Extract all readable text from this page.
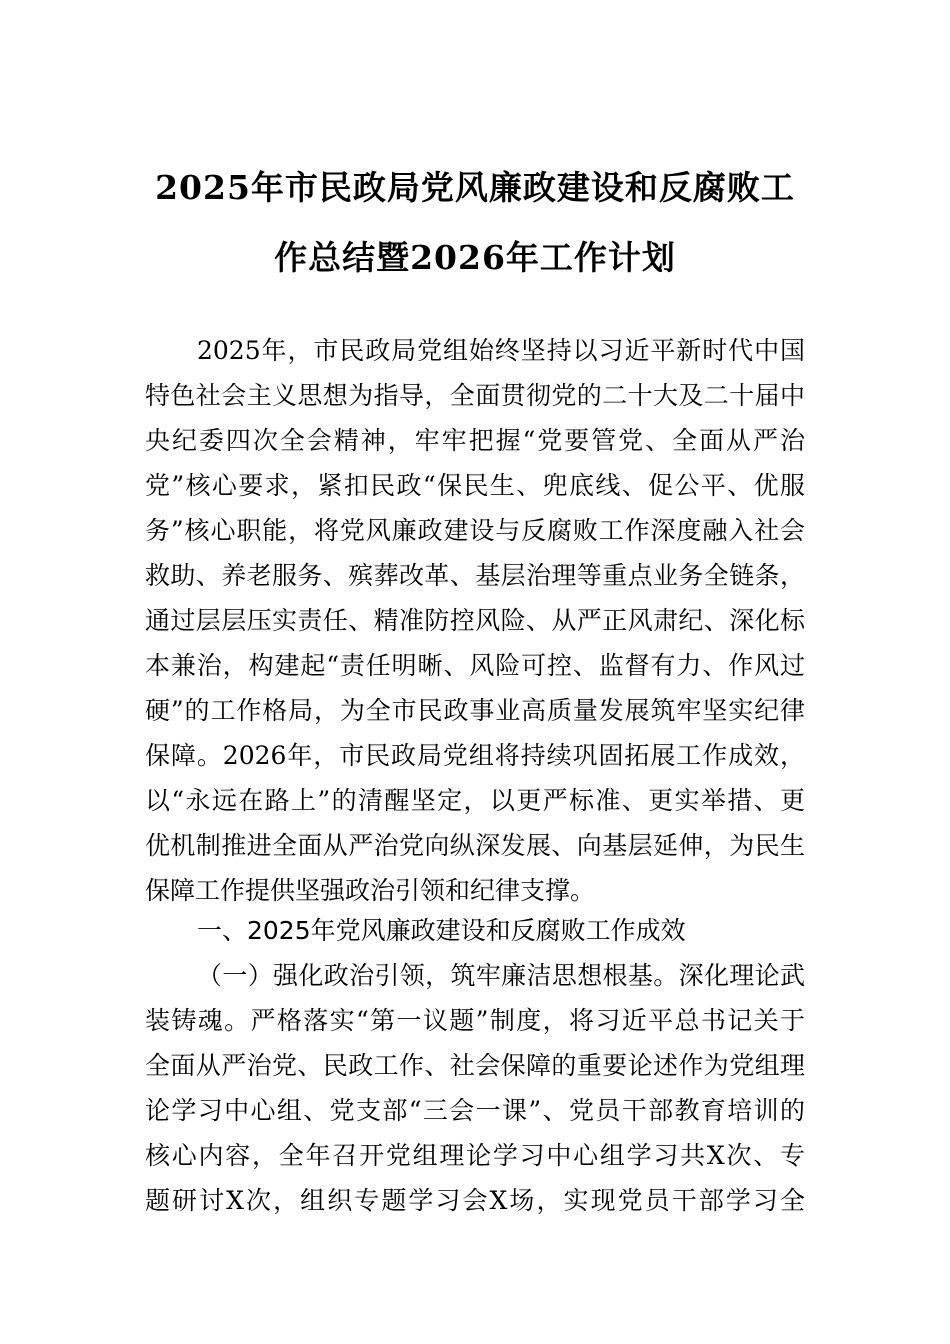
2025年市民政局党风廉政建设和反腐败工
作总结暨2026年工作计划
2025年，市民政局党组始终坚持以习近平新时代中国
特色社会主义思想为指导，全面贯彻党的二十大及二十届中
央纪委四次全会精神，牢牢把握“党要管党、全面从严治
党”核心要求，紧扣民政“保民生、兜底线、促公平、优服
务”核心职能，将党风廉政建设与反腐败工作深度融入社会
救助、养老服务、殡葬改革、基层治理等重点业务全链条，
通过层层压实责任、精准防控风险、从严正风肃纪、深化标
本兼治，构建起“责任明晰、风险可控、监督有力、作风过
硬”的工作格局，为全市民政事业高质量发展筑牢坚实纪律
保障。2026年，市民政局党组将持续巩固拓展工作成效，
以“永远在路上”的清醒坚定，以更严标准、更实举措、更
优机制推进全面从严治党向纵深发展、向基层延伸，为民生
保障工作提供坚强政治引领和纪律支撑。
一、2025年党风廉政建设和反腐败工作成效
（一）强化政治引领，筑牢廉洁思想根基。深化理论武
装铸魂。严格落实“第一议题”制度，将习近平总书记关于
全面从严治党、民政工作、社会保障的重要论述作为党组理
论学习中心组、党支部“三会一课”、党员干部教育培训的
核心内容，全年召开党组理论学习中心组学习共X次、专
题研讨X次，组织专题学习会X场，实现党员干部学习全
